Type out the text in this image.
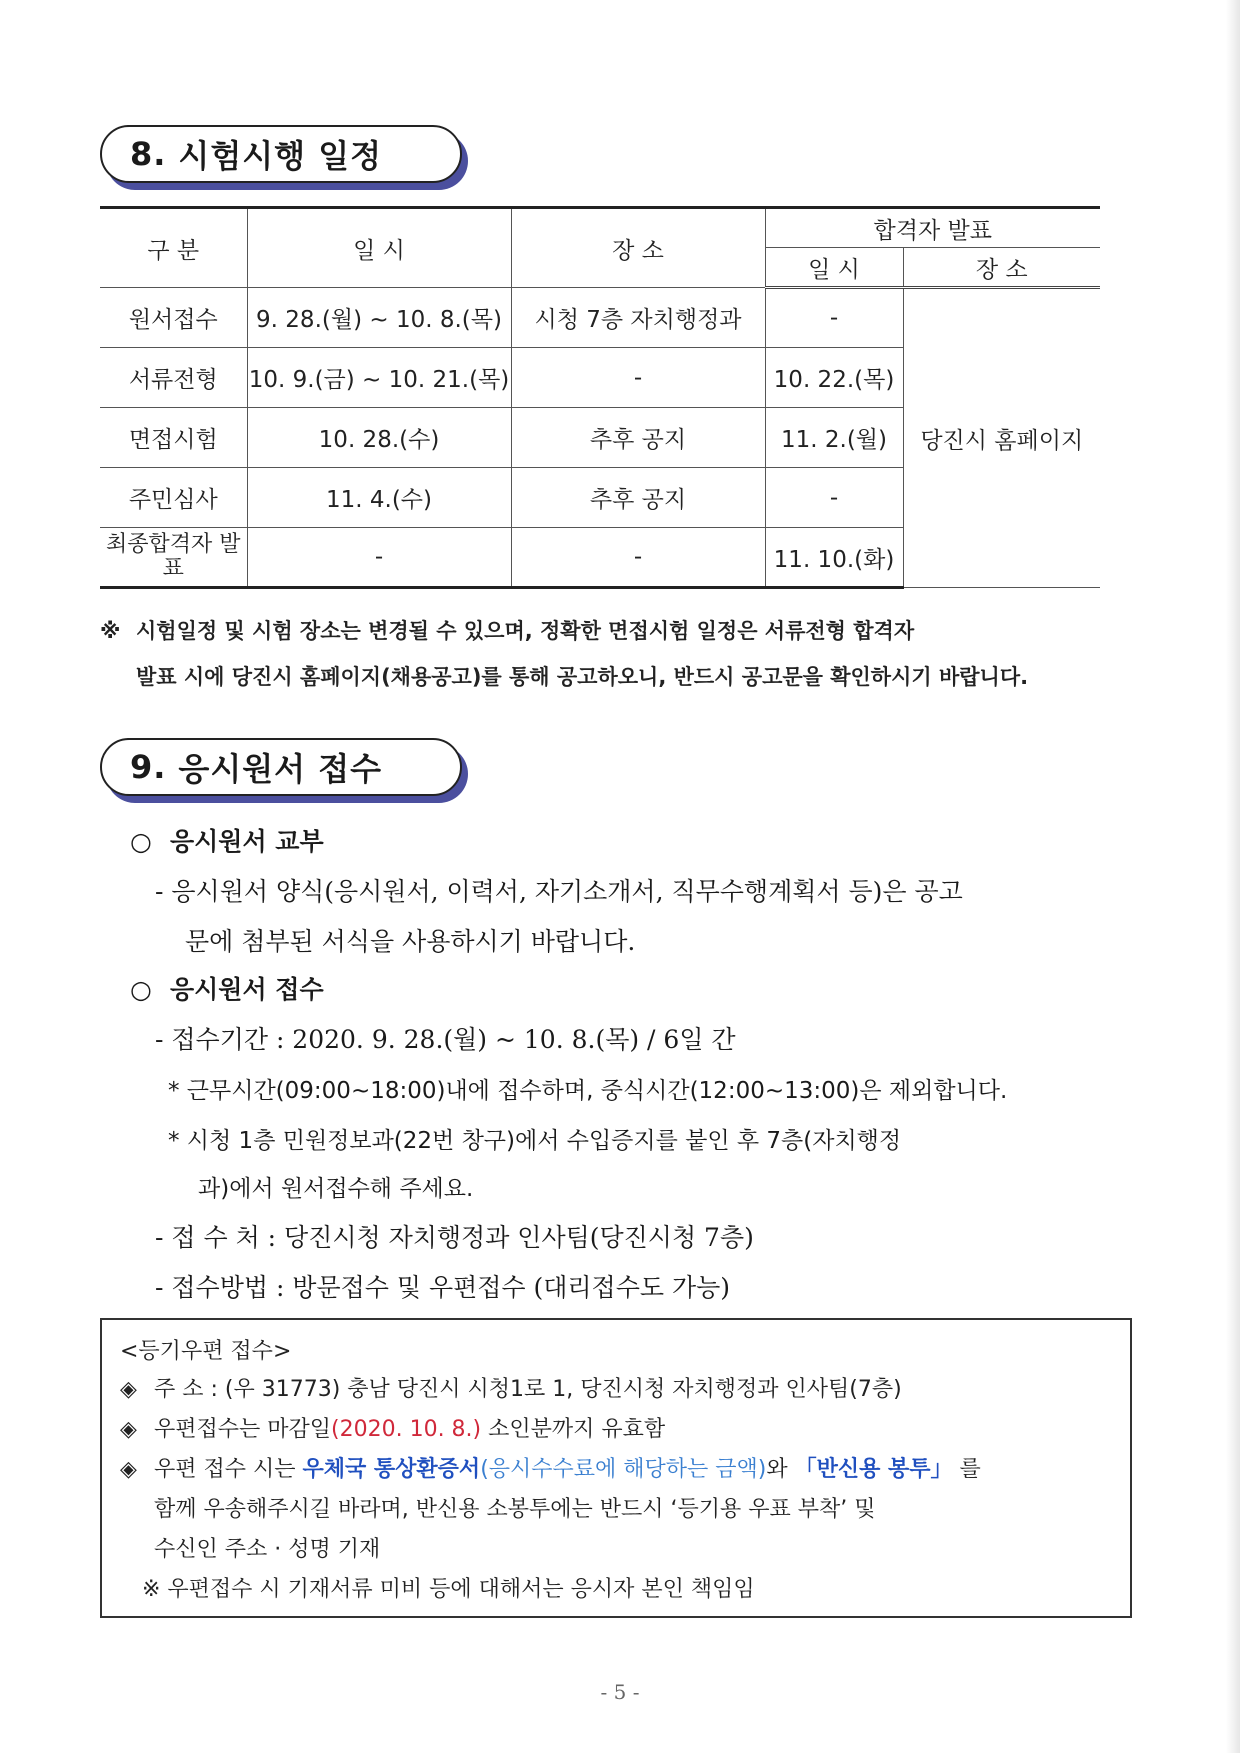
8. 시험시행 일정
구 분	일 시	장 소	합격자 발표	
			일 시	장 소
원서접수	9. 28.(월) ~ 10. 8.(목)	시청 7층 자치행정과	-	당진시 홈페이지
서류전형	10. 9.(금) ~ 10. 21.(목)	-	10. 22.(목)	
면접시험	10. 28.(수)	추후 공지	11. 2.(월)	
주민심사	11. 4.(수)	추후 공지	-	
최종합격자 발표	-	-	11. 10.(화)	
※ 시험일정 및 시험 장소는 변경될 수 있으며, 정확한 면접시험 일정은 서류전형 합격자
발표 시에 당진시 홈페이지(채용공고)를 통해 공고하오니, 반드시 공고문을 확인하시기 바랍니다.
9. 응시원서 접수
○ 응시원서 교부
- 응시원서 양식(응시원서, 이력서, 자기소개서, 직무수행계획서 등)은 공고
문에 첨부된 서식을 사용하시기 바랍니다.
○ 응시원서 접수
- 접수기간 : 2020. 9. 28.(월) ~ 10. 8.(목) / 6일 간
* 근무시간(09:00~18:00)내에 접수하며, 중식시간(12:00~13:00)은 제외합니다.
* 시청 1층 민원정보과(22번 창구)에서 수입증지를 붙인 후 7층(자치행정
과)에서 원서접수해 주세요.
- 접 수 처 : 당진시청 자치행정과 인사팀(당진시청 7층)
- 접수방법 : 방문접수 및 우편접수 (대리접수도 가능)
<등기우편 접수>
◈ 주 소 : (우 31773) 충남 당진시 시청1로 1, 당진시청 자치행정과 인사팀(7층)
◈ 우편접수는 마감일(2020. 10. 8.) 소인분까지 유효함
◈ 우편 접수 시는 우체국 통상환증서(응시수수료에 해당하는 금액)와 「반신용 봉투」 를
함께 우송해주시길 바라며, 반신용 소봉투에는 반드시 ‘등기용 우표 부착’ 및
수신인 주소 · 성명 기재
※ 우편접수 시 기재서류 미비 등에 대해서는 응시자 본인 책임임
- 5 -
